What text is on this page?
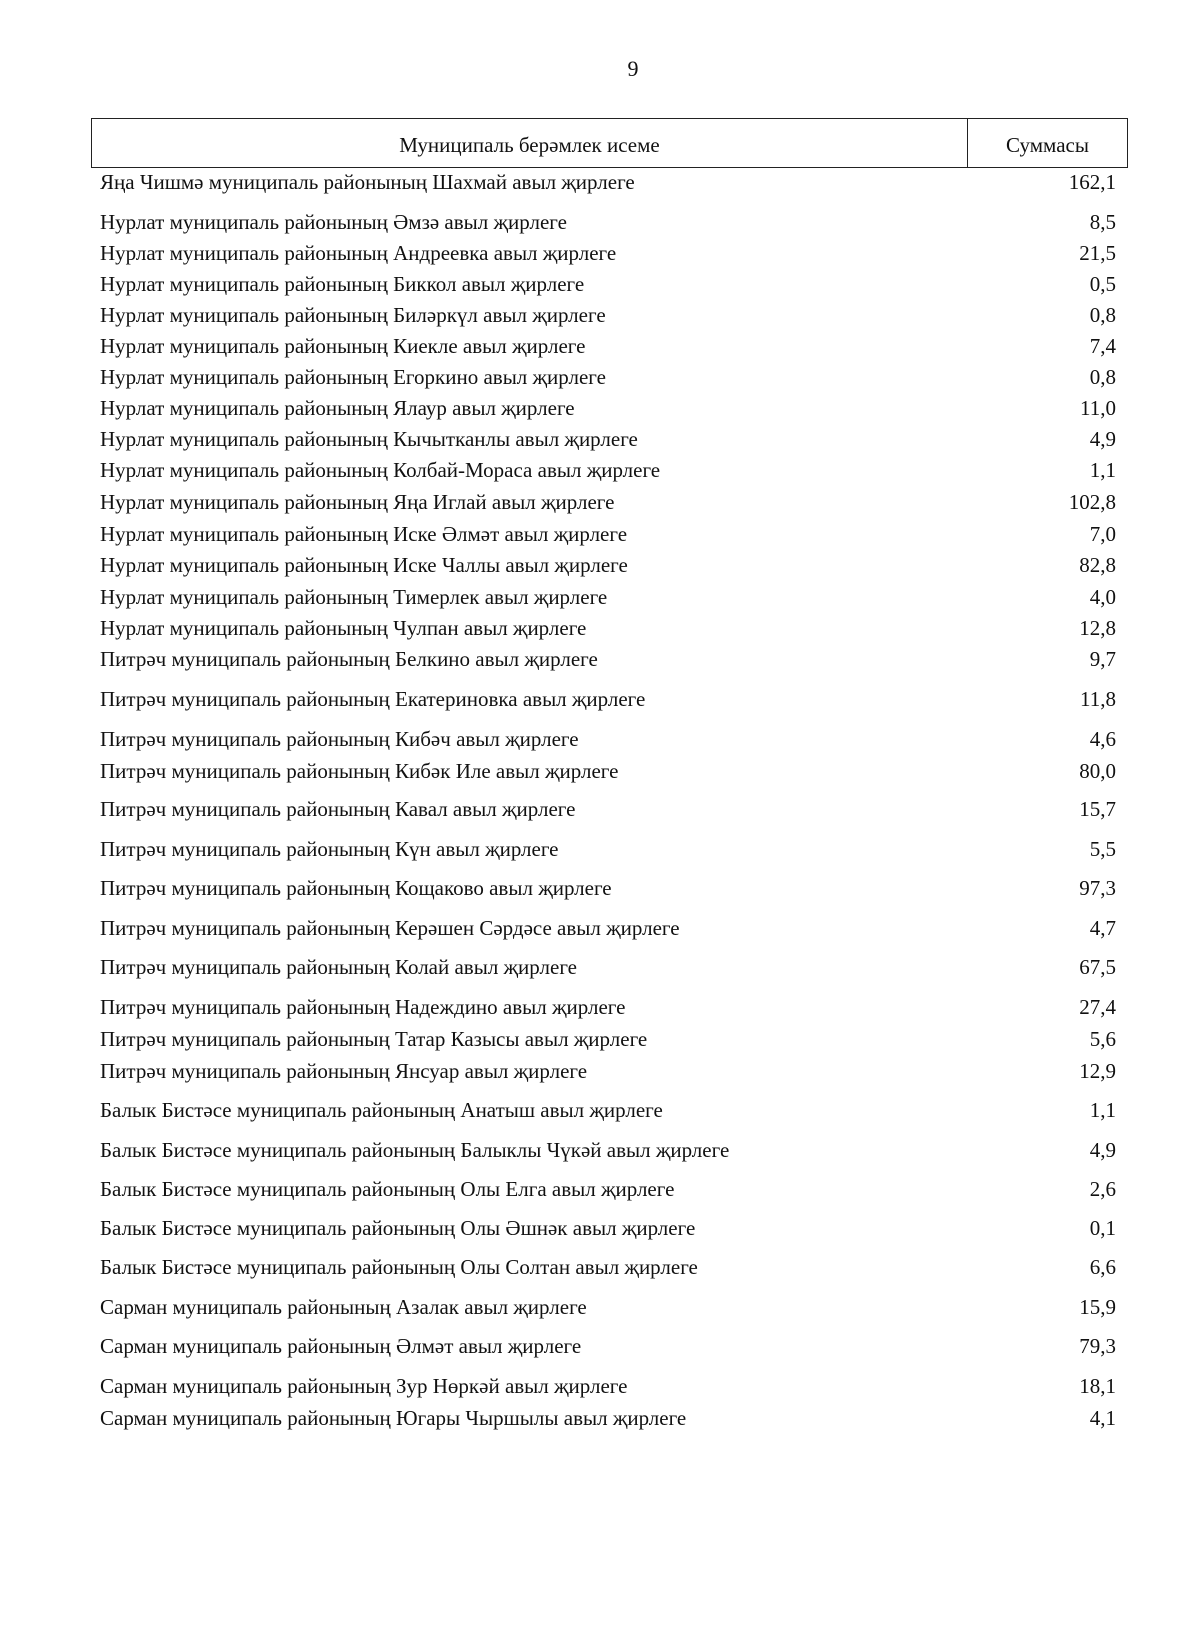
9
Муниципаль берәмлек исеме	Суммасы
Яңа Чишмә муниципаль районының Шахмай авыл җирлеге	162,1
Нурлат муниципаль районының Әмзә авыл җирлеге	8,5
Нурлат муниципаль районының Андреевка авыл җирлеге	21,5
Нурлат муниципаль районының Биккол авыл җирлеге	0,5
Нурлат муниципаль районының Биләркүл авыл җирлеге	0,8
Нурлат муниципаль районының Киекле авыл җирлеге	7,4
Нурлат муниципаль районының Егоркино авыл җирлеге	0,8
Нурлат муниципаль районының Ялаур авыл җирлеге	11,0
Нурлат муниципаль районының Кычытканлы авыл җирлеге	4,9
Нурлат муниципаль районының Колбай-Мораса авыл җирлеге	1,1
Нурлат муниципаль районының Яңа Иглай авыл җирлеге	102,8
Нурлат муниципаль районының Иске Әлмәт авыл җирлеге	7,0
Нурлат муниципаль районының Иске Чаллы авыл җирлеге	82,8
Нурлат муниципаль районының Тимерлек авыл җирлеге	4,0
Нурлат муниципаль районының Чулпан авыл җирлеге	12,8
Питрәч муниципаль районының Белкино авыл җирлеге	9,7
Питрәч муниципаль районының Екатериновка авыл җирлеге	11,8
Питрәч муниципаль районының Кибәч авыл җирлеге	4,6
Питрәч муниципаль районының Кибәк Иле авыл җирлеге	80,0
Питрәч муниципаль районының Кавал авыл җирлеге	15,7
Питрәч муниципаль районының Күн авыл җирлеге	5,5
Питрәч муниципаль районының Кощаково авыл җирлеге	97,3
Питрәч муниципаль районының Керәшен Сәрдәсе авыл җирлеге	4,7
Питрәч муниципаль районының Колай авыл җирлеге	67,5
Питрәч муниципаль районының Надеждино авыл җирлеге	27,4
Питрәч муниципаль районының Татар Казысы авыл җирлеге	5,6
Питрәч муниципаль районының Янсуар авыл җирлеге	12,9
Балык Бистәсе муниципаль районының Анатыш авыл җирлеге	1,1
Балык Бистәсе муниципаль районының Балыклы Чүкәй авыл җирлеге	4,9
Балык Бистәсе муниципаль районының Олы Елга авыл җирлеге	2,6
Балык Бистәсе муниципаль районының Олы Әшнәк авыл җирлеге	0,1
Балык Бистәсе муниципаль районының Олы Солтан авыл җирлеге	6,6
Сарман муниципаль районының Азалак авыл җирлеге	15,9
Сарман муниципаль районының Әлмәт авыл җирлеге	79,3
Сарман муниципаль районының Зур Нөркәй авыл җирлеге	18,1
Сарман муниципаль районының Югары Чыршылы авыл җирлеге	4,1
